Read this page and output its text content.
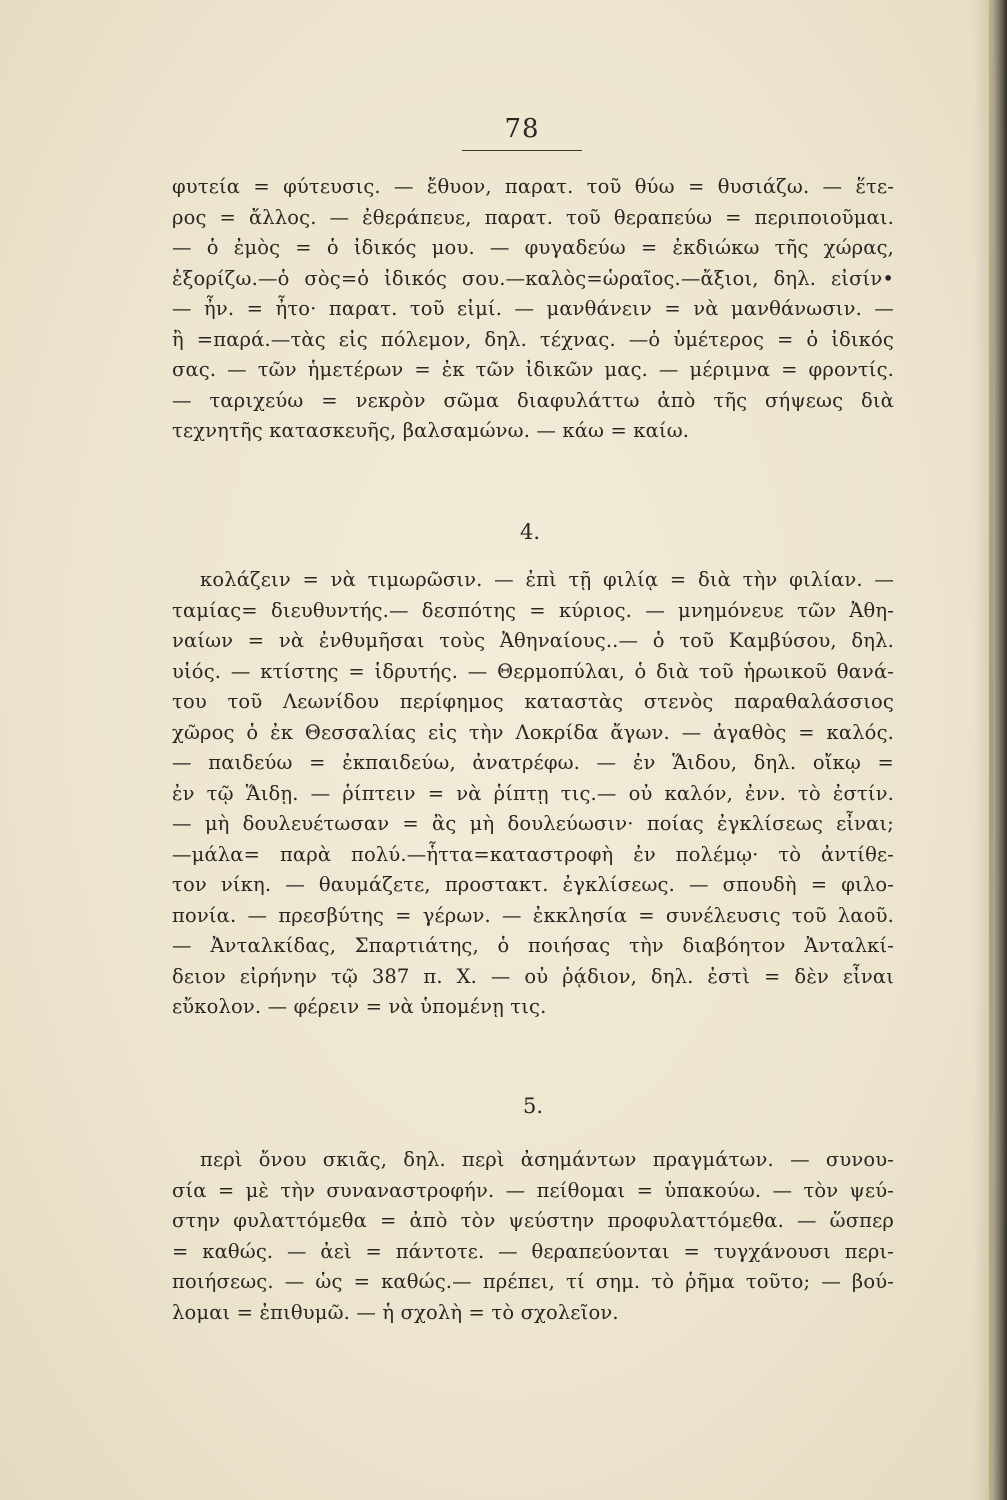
78
φυτεία = φύτευσις. — ἔθυον, παρατ. τοῦ θύω = θυσιάζω. — ἕτε-
ρος = ἄλλος. — ἐθεράπευε, παρατ. τοῦ θεραπεύω = περιποιοῦμαι.
— ὁ ἐμὸς = ὁ ἰδικός μου. — φυγαδεύω = ἐκδιώκω τῆς χώρας,
ἐξορίζω.—ὁ σὸς=ὁ ἰδικός σου.—καλὸς=ὡραῖος.—ἄξιοι, δηλ. εἰσίν•
— ἦν. = ἦτο· παρατ. τοῦ εἰμί. — μανθάνειν = νὰ μανθάνωσιν. —
ἢ =παρά.—τὰς εἰς πόλεμον, δηλ. τέχνας. —ὁ ὑμέτερος = ὁ ἰδικός
σας. — τῶν ἡμετέρων = ἐκ τῶν ἰδικῶν μας. — μέριμνα = φροντίς.
— ταριχεύω = νεκρὸν σῶμα διαφυλάττω ἀπὸ τῆς σήψεως διὰ
τεχνητῆς κατασκευῆς, βαλσαμώνω. — κάω = καίω.
4.
κολάζειν = νὰ τιμωρῶσιν. — ἐπὶ τῇ φιλίᾳ = διὰ τὴν φιλίαν. —
ταμίας= διευθυντής.— δεσπότης = κύριος. — μνημόνευε τῶν Ἀθη-
ναίων = νὰ ἐνθυμῆσαι τοὺς Ἀθηναίους..— ὁ τοῦ Καμβύσου, δηλ.
υἱός. — κτίστης = ἱδρυτής. — Θερμοπύλαι, ὁ διὰ τοῦ ἡρωικοῦ θανά-
του τοῦ Λεωνίδου περίφημος καταστὰς στενὸς παραθαλάσσιος
χῶρος ὁ ἐκ Θεσσαλίας εἰς τὴν Λοκρίδα ἄγων. — ἀγαθὸς = καλός.
— παιδεύω = ἐκπαιδεύω, ἀνατρέφω. — ἐν Ἅιδου, δηλ. οἴκῳ =
ἐν τῷ Ἅιδῃ. — ῥίπτειν = νὰ ῥίπτῃ τις.— οὐ καλόν, ἐνν. τὸ ἐστίν.
— μὴ δουλευέτωσαν = ἂς μὴ δουλεύωσιν· ποίας ἐγκλίσεως εἶναι;
—μάλα= παρὰ πολύ.—ἧττα=καταστροφὴ ἐν πολέμῳ· τὸ ἀντίθε-
τον νίκη. — θαυμάζετε, προστακτ. ἐγκλίσεως. — σπουδὴ = φιλο-
πονία. — πρεσβύτης = γέρων. — ἐκκλησία = συνέλευσις τοῦ λαοῦ.
— Ἀνταλκίδας, Σπαρτιάτης, ὁ ποιήσας τὴν διαβόητον Ἀνταλκί-
δειον εἰρήνην τῷ 387 π. Χ. — οὐ ῥᾴδιον, δηλ. ἐστὶ = δὲν εἶναι
εὔκολον. — φέρειν = νὰ ὑπομένῃ τις.
5.
περὶ ὄνου σκιᾶς, δηλ. περὶ ἀσημάντων πραγμάτων. — συνου-
σία = μὲ τὴν συναναστροφήν. — πείθομαι = ὑπακούω. — τὸν ψεύ-
στην φυλαττόμεθα = ἀπὸ τὸν ψεύστην προφυλαττόμεθα. — ὥσπερ
= καθώς. — ἀεὶ = πάντοτε. — θεραπεύονται = τυγχάνουσι περι-
ποιήσεως. — ὡς = καθώς.— πρέπει, τί σημ. τὸ ῥῆμα τοῦτο; — βού-
λομαι = ἐπιθυμῶ. — ἡ σχολὴ = τὸ σχολεῖον.
